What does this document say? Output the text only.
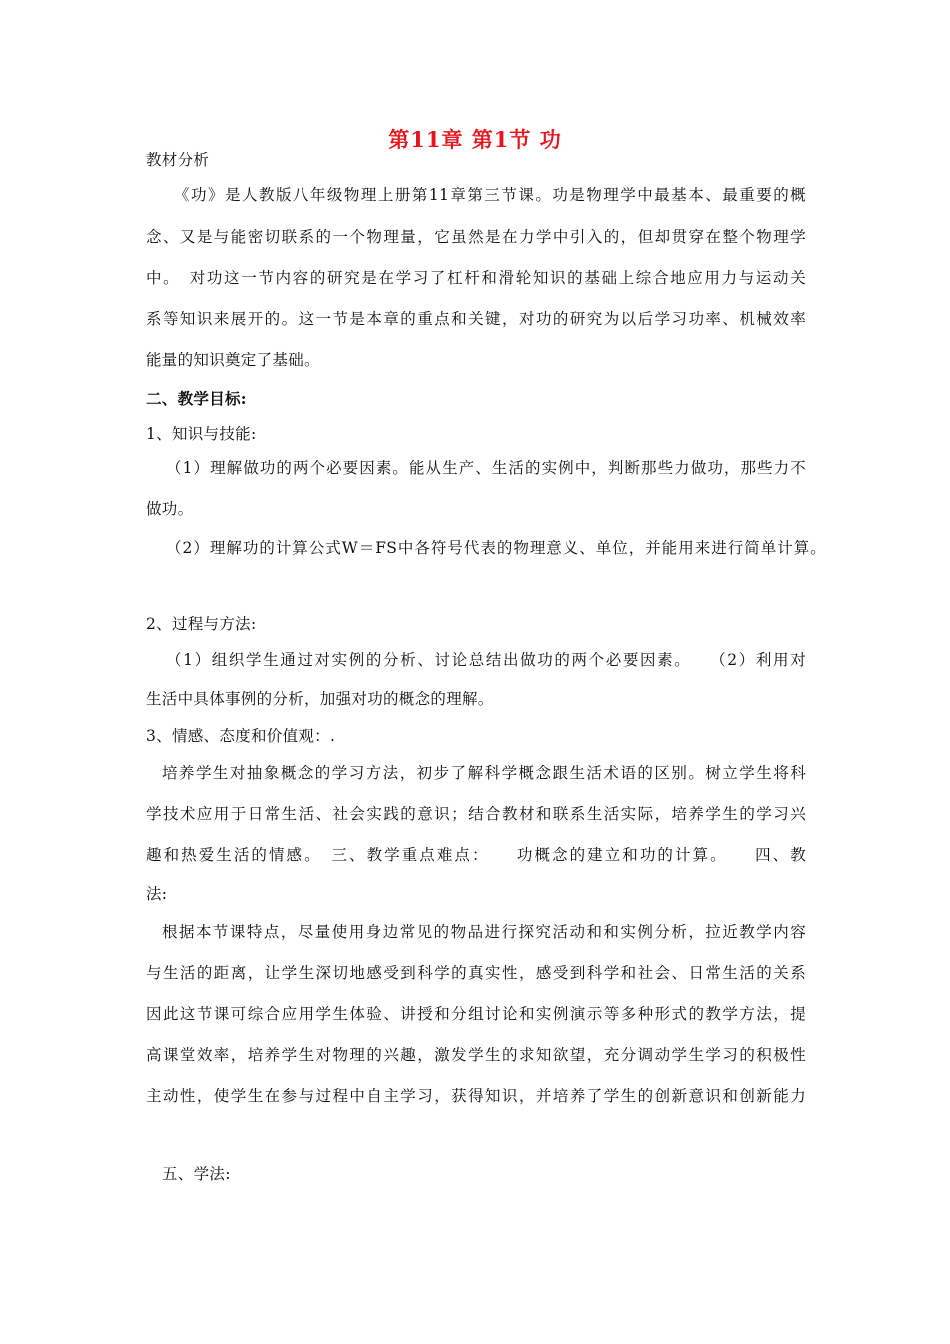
第11章 第1节 功
教材分析
《功》是人教版八年级物理上册第11章第三节课。功是物理学中最基本、最重要的概
念、又是与能密切联系的一个物理量，它虽然是在力学中引入的，但却贯穿在整个物理学
中。　对功这一节内容的研究是在学习了杠杆和滑轮知识的基础上综合地应用力与运动关
系等知识来展开的。这一节是本章的重点和关键，对功的研究为以后学习功率、机械效率
能量的知识奠定了基础。
二、教学目标:
1、知识与技能:
（1）理解做功的两个必要因素。能从生产、生活的实例中，判断那些力做功，那些力不
做功。
（2）理解功的计算公式W＝FS中各符号代表的物理意义、单位，并能用来进行简单计算。
2、过程与方法:
（1）组织学生通过对实例的分析、讨论总结出做功的两个必要因素。　　（2）利用对
生活中具体事例的分析，加强对功的概念的理解。
3、情感、态度和价值观：.
培养学生对抽象概念的学习方法，初步了解科学概念跟生活术语的区别。树立学生将科
学技术应用于日常生活、社会实践的意识；结合教材和联系生活实际，培养学生的学习兴
趣和热爱生活的情感。　三、教学重点难点：　　功概念的建立和功的计算。　　四、教
法:
根据本节课特点，尽量使用身边常见的物品进行探究活动和和实例分析，拉近教学内容
与生活的距离，让学生深切地感受到科学的真实性，感受到科学和社会、日常生活的关系
因此这节课可综合应用学生体验、讲授和分组讨论和实例演示等多种形式的教学方法，提
高课堂效率，培养学生对物理的兴趣，激发学生的求知欲望，充分调动学生学习的积极性
主动性，使学生在参与过程中自主学习，获得知识，并培养了学生的创新意识和创新能力
五、学法:
